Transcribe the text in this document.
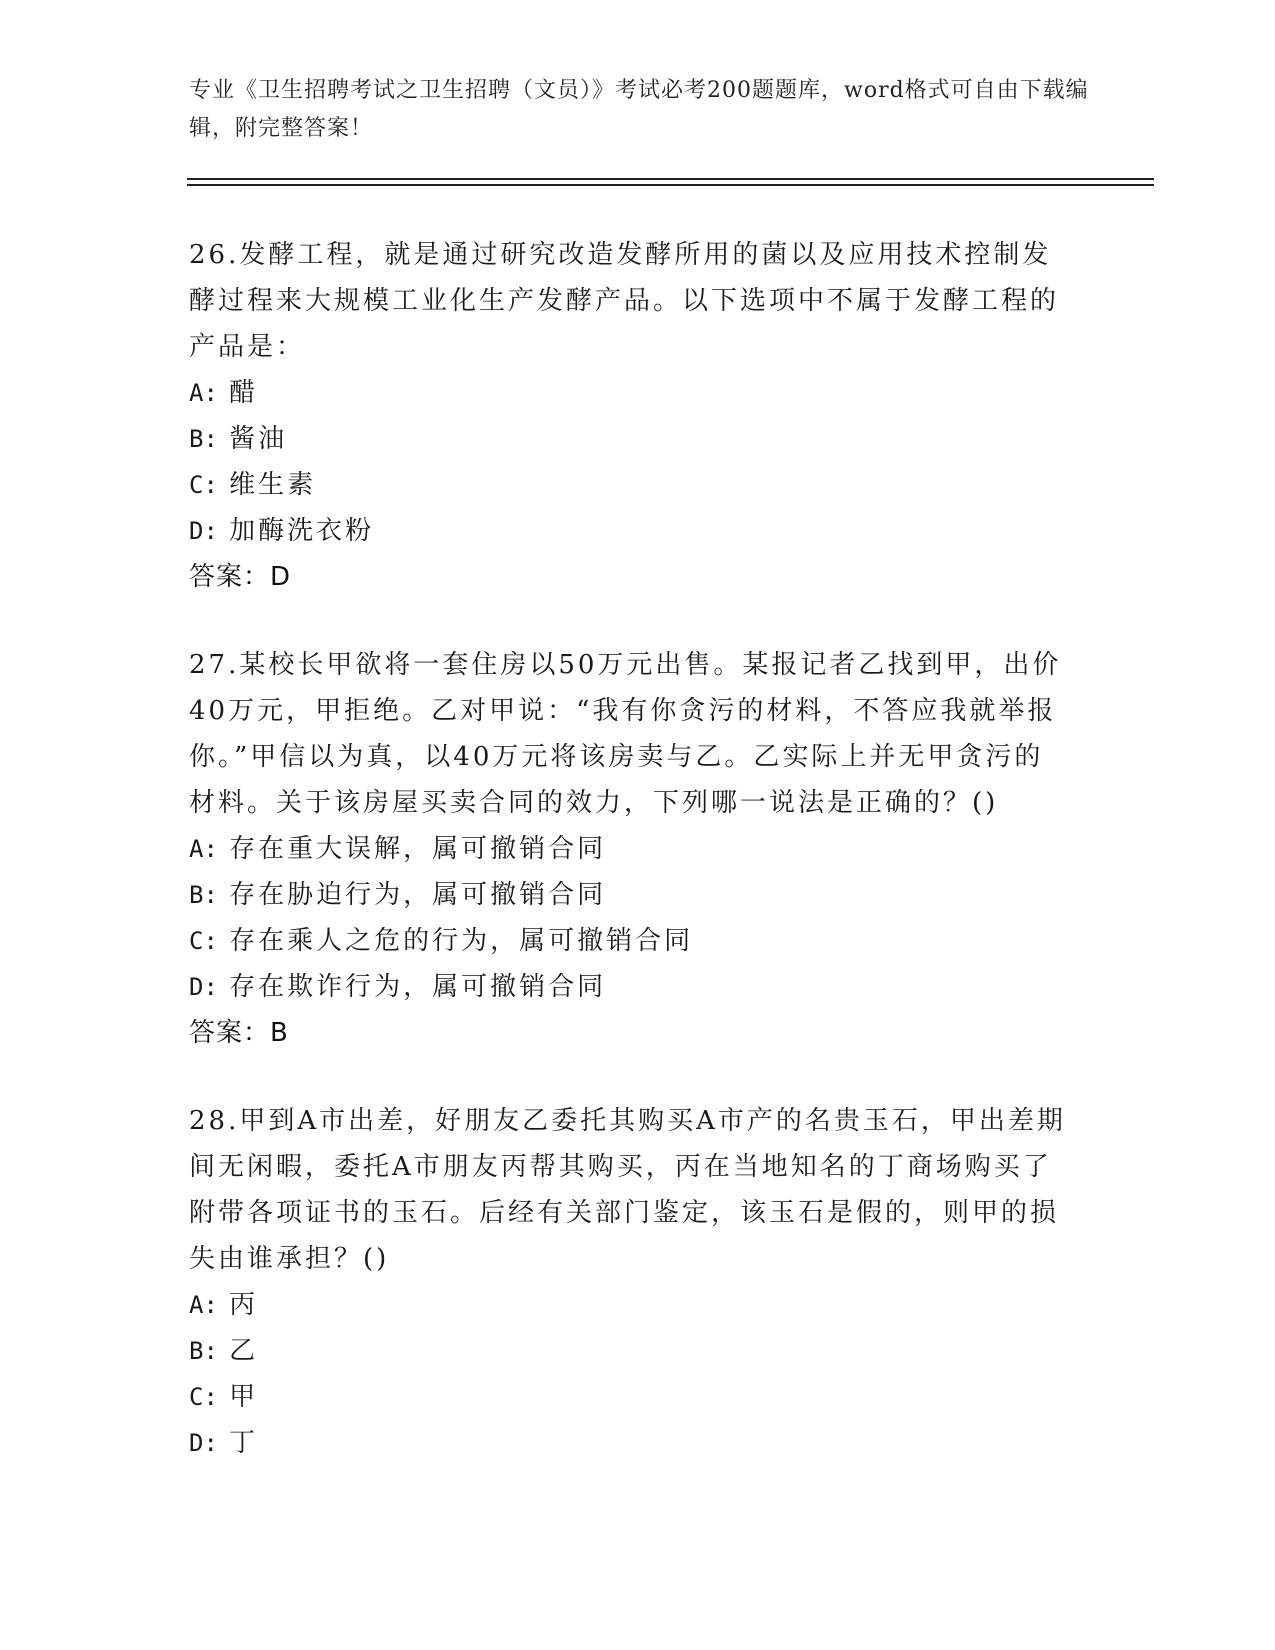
专业《卫生招聘考试之卫生招聘（文员）》考试必考200题题库，word格式可自由下载编辑，附完整答案！
26.发酵工程，就是通过研究改造发酵所用的菌以及应用技术控制发酵过程来大规模工业化生产发酵产品。以下选项中不属于发酵工程的产品是：
A: 醋
B: 酱油
C: 维生素
D: 加酶洗衣粉
答案：D
27.某校长甲欲将一套住房以50万元出售。某报记者乙找到甲，出价40万元，甲拒绝。乙对甲说：“我有你贪污的材料，不答应我就举报你。”甲信以为真，以40万元将该房卖与乙。乙实际上并无甲贪污的材料。关于该房屋买卖合同的效力，下列哪一说法是正确的？()
A: 存在重大误解，属可撤销合同
B: 存在胁迫行为，属可撤销合同
C: 存在乘人之危的行为，属可撤销合同
D: 存在欺诈行为，属可撤销合同
答案：B
28.甲到A市出差，好朋友乙委托其购买A市产的名贵玉石，甲出差期间无闲暇，委托A市朋友丙帮其购买，丙在当地知名的丁商场购买了附带各项证书的玉石。后经有关部门鉴定，该玉石是假的，则甲的损失由谁承担？()
A: 丙
B: 乙
C: 甲
D: 丁
